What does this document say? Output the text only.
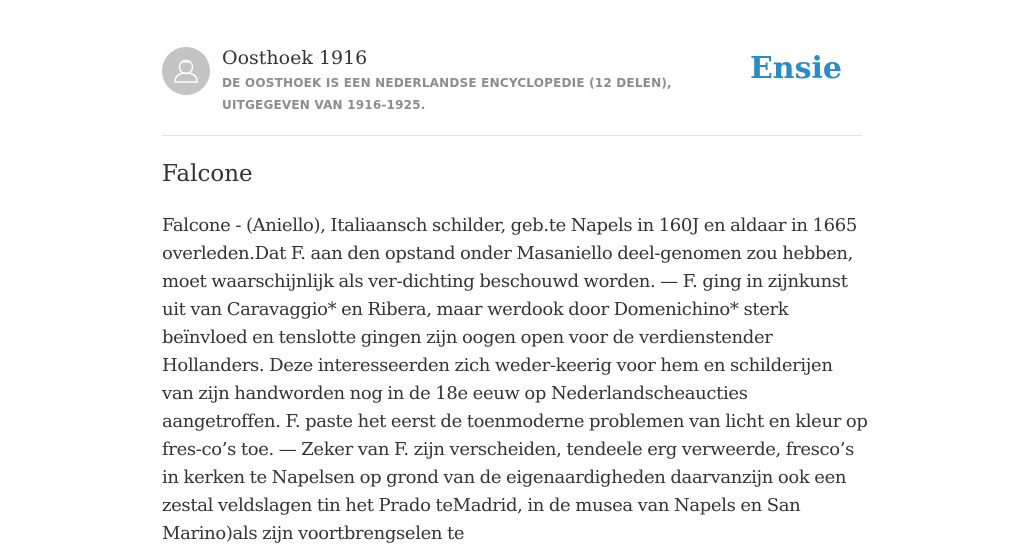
Oosthoek 1916
DE OOSTHOEK IS EEN NEDERLANDSE ENCYCLOPEDIE (12 DELEN), UITGEGEVEN VAN 1916-1925.
Ensie
Falcone

Falcone - (Aniello), Italiaansch schilder, geb.te Napels in 160J en aldaar in 1665 overleden.Dat F. aan den opstand onder Masaniello deel-genomen zou hebben, moet waarschijnlijk als ver-dichting beschouwd worden. — F. ging in zijnkunst uit van Caravaggio* en Ribera, maar werdook door Domenichino* sterk beïnvloed en tenslotte gingen zijn oogen open voor de verdienstender Hollanders. Deze interesseerden zich weder-keerig voor hem en schilderijen van zijn handworden nog in de 18e eeuw op Nederlandscheaucties aangetroffen. F. paste het eerst de toenmoderne problemen van licht en kleur op fres-co’s toe. — Zeker van F. zijn verscheiden, tendeele erg verweerde, fresco’s in kerken te Napelsen op grond van de eigenaardigheden daarvanzijn ook een zestal veldslagen tin het Prado teMadrid, in de musea van Napels en San Marino)als zijn voortbrengselen te
